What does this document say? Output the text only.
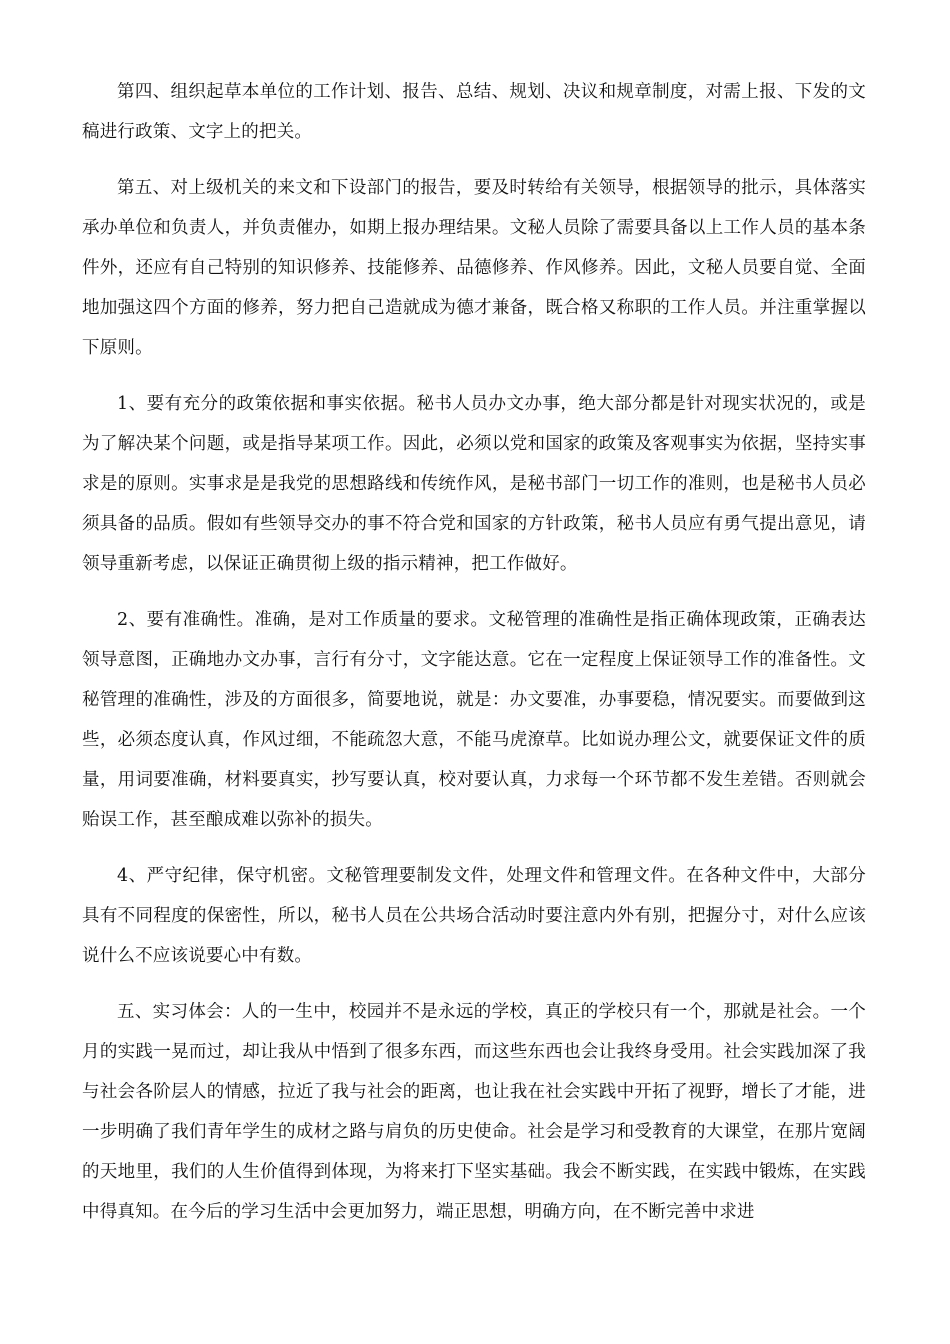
第四、组织起草本单位的工作计划、报告、总结、规划、决议和规章制度，对需上报、下发的文稿进行政策、文字上的把关。

第五、对上级机关的来文和下设部门的报告，要及时转给有关领导，根据领导的批示，具体落实承办单位和负责人，并负责催办，如期上报办理结果。文秘人员除了需要具备以上工作人员的基本条件外，还应有自己特别的知识修养、技能修养、品德修养、作风修养。因此，文秘人员要自觉、全面地加强这四个方面的修养，努力把自己造就成为德才兼备，既合格又称职的工作人员。并注重掌握以下原则。

1、要有充分的政策依据和事实依据。秘书人员办文办事，绝大部分都是针对现实状况的，或是为了解决某个问题，或是指导某项工作。因此，必须以党和国家的政策及客观事实为依据，坚持实事求是的原则。实事求是是我党的思想路线和传统作风，是秘书部门一切工作的准则，也是秘书人员必须具备的品质。假如有些领导交办的事不符合党和国家的方针政策，秘书人员应有勇气提出意见，请领导重新考虑，以保证正确贯彻上级的指示精神，把工作做好。

2、要有准确性。准确，是对工作质量的要求。文秘管理的准确性是指正确体现政策，正确表达领导意图，正确地办文办事，言行有分寸，文字能达意。它在一定程度上保证领导工作的准备性。文秘管理的准确性，涉及的方面很多，简要地说，就是：办文要准，办事要稳，情况要实。而要做到这些，必须态度认真，作风过细，不能疏忽大意，不能马虎潦草。比如说办理公文，就要保证文件的质量，用词要准确，材料要真实，抄写要认真，校对要认真，力求每一个环节都不发生差错。否则就会贻误工作，甚至酿成难以弥补的损失。

4、严守纪律，保守机密。文秘管理要制发文件，处理文件和管理文件。在各种文件中，大部分具有不同程度的保密性，所以，秘书人员在公共场合活动时要注意内外有别，把握分寸，对什么应该说什么不应该说要心中有数。

五、实习体会：人的一生中，校园并不是永远的学校，真正的学校只有一个，那就是社会。一个月的实践一晃而过，却让我从中悟到了很多东西，而这些东西也会让我终身受用。社会实践加深了我与社会各阶层人的情感，拉近了我与社会的距离，也让我在社会实践中开拓了视野，增长了才能，进一步明确了我们青年学生的成材之路与肩负的历史使命。社会是学习和受教育的大课堂，在那片宽阔的天地里，我们的人生价值得到体现，为将来打下坚实基础。我会不断实践，在实践中锻炼，在实践中得真知。在今后的学习生活中会更加努力，端正思想，明确方向，在不断完善中求进
